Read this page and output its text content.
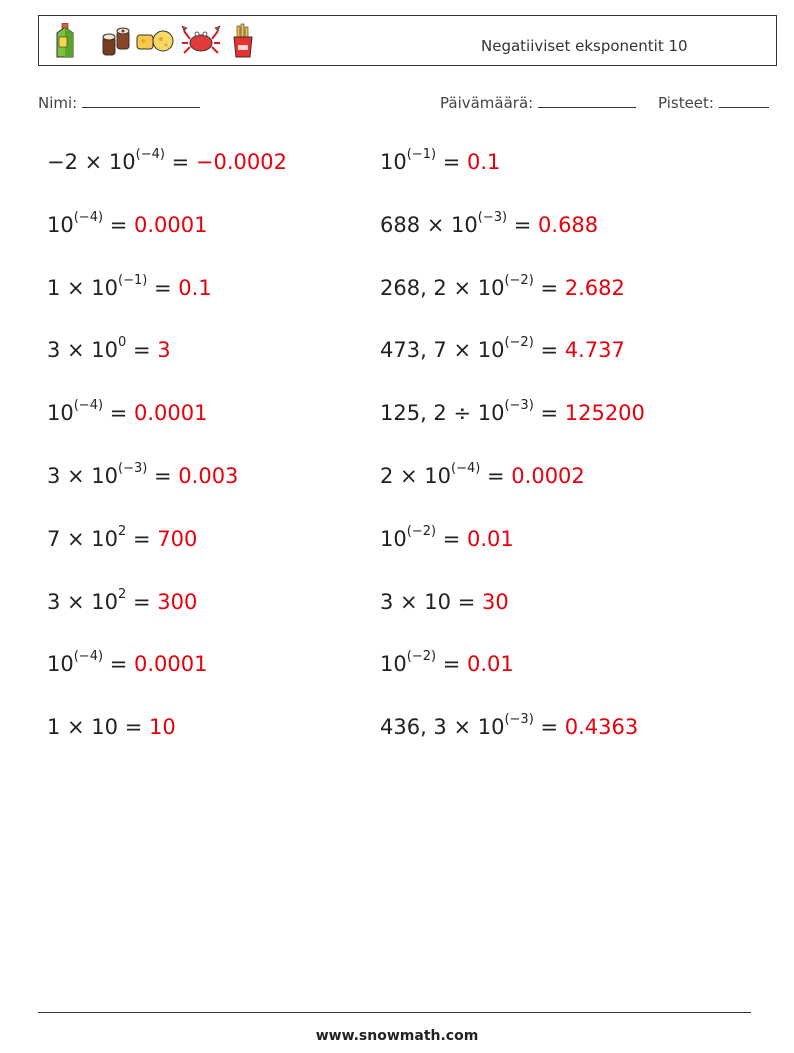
Negatiiviset eksponentit 10
Nimi:	Päivämäärä:	Pisteet:
$-2 \times 10^{(-4)} = -0.0002$	$10^{(-1)} = 0.1$
$10^{(-4)} = 0.0001$	$688 \times 10^{(-3)} = 0.688$
$1 \times 10^{(-1)} = 0.1$	268, $2 \times 10^{(-2)} = 2.682$
$3 \times 10^0 = 3$	473, $7 \times 10^{(-2)} = 4.737$
$10^{(-4)} = 0.0001$	125, $2 \div 10^{(-3)} = 125200$
$3 \times 10^{(-3)} = 0.003$	$2 \times 10^{(-4)} = 0.0002$
$7 \times 10^2 = 700$	$10^{(-2)} = 0.01$
$3 \times 10^2 = 300$	3 × 10 = 30
$10^{(-4)} = 0.0001$	$10^{(-2)} = 0.01$
1 × 10 = 10	436, $3 \times 10^{(-3)} = 0.4363$
www.snowmath.com
